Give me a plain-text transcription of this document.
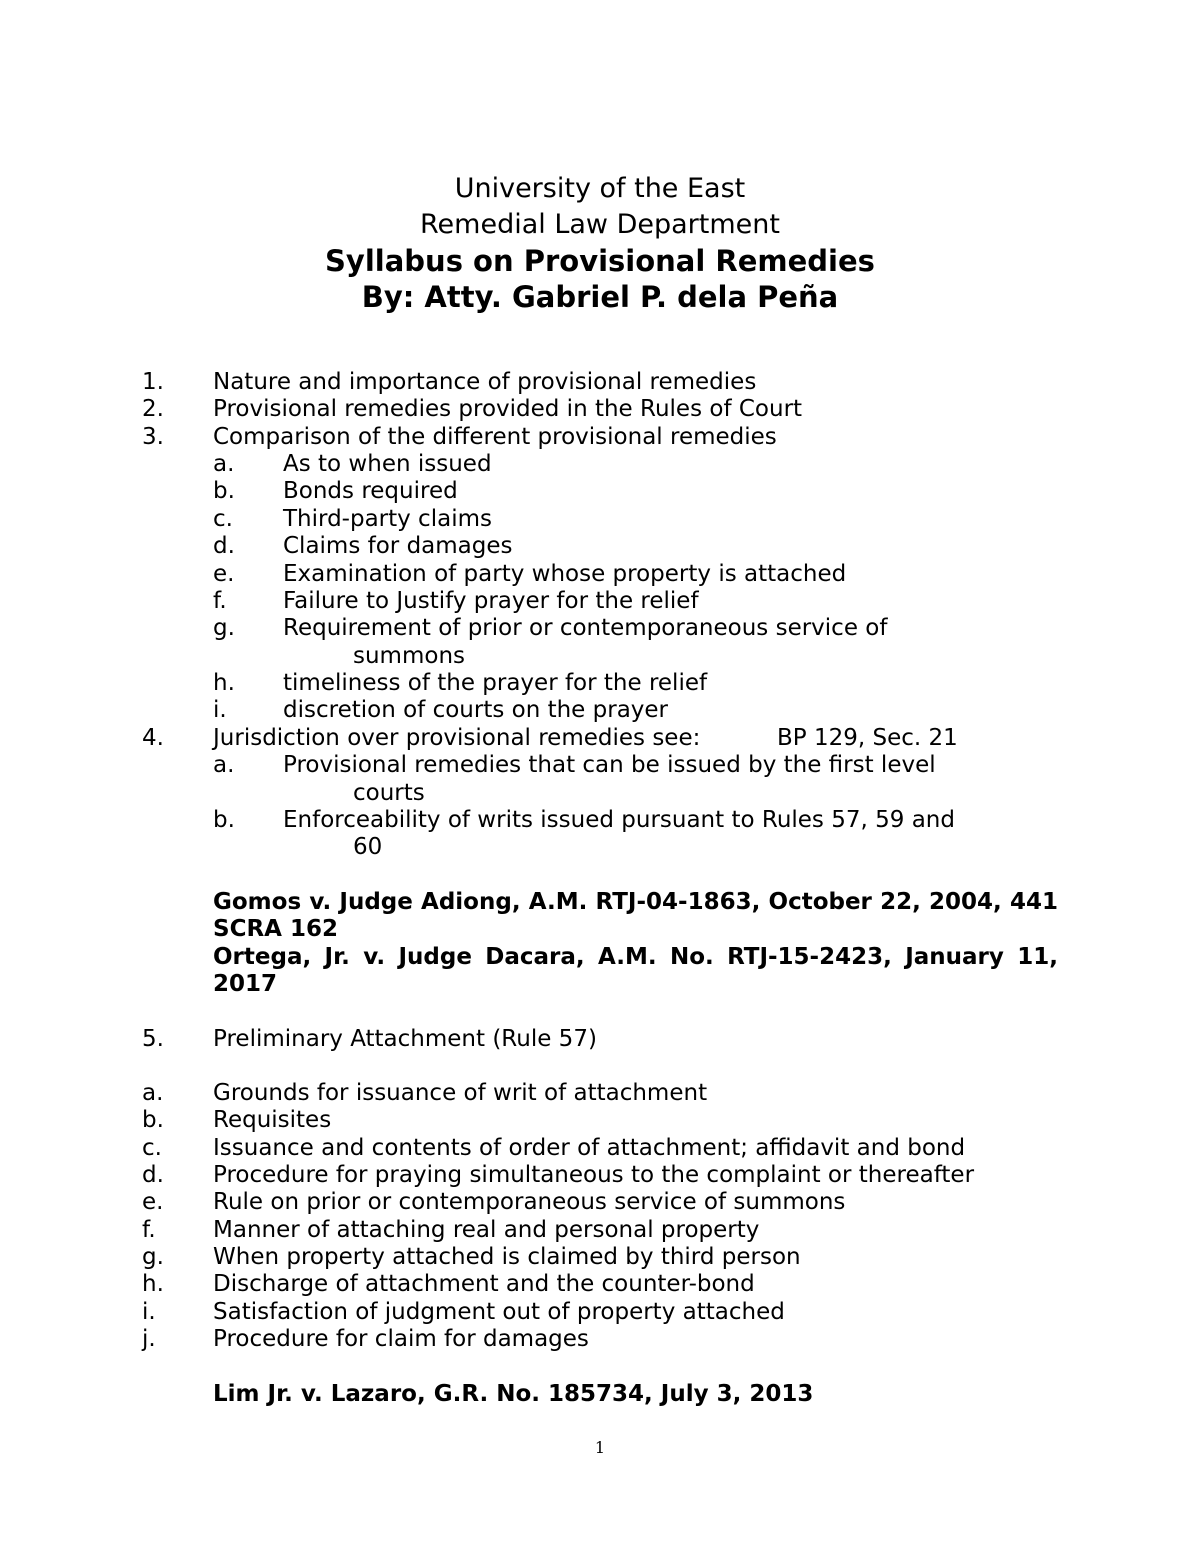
University of the East
Remedial Law Department
Syllabus on Provisional Remedies
By: Atty. Gabriel P. dela Peña
1. Nature and importance of provisional remedies
2. Provisional remedies provided in the Rules of Court
3. Comparison of the different provisional remedies
a. As to when issued
b. Bonds required
c. Third-party claims
d. Claims for damages
e. Examination of party whose property is attached
f. Failure to Justify prayer for the relief
g. Requirement of prior or contemporaneous service of
summons
h. timeliness of the prayer for the relief
i. discretion of courts on the prayer
4. Jurisdiction over provisional remedies see:	BP 129, Sec. 21
a. Provisional remedies that can be issued by the first level
courts
b. Enforceability of writs issued pursuant to Rules 57, 59 and
60
Gomos v. Judge Adiong, A.M. RTJ-04-1863, October 22, 2004, 441 SCRA 162
Ortega, Jr. v. Judge Dacara, A.M. No. RTJ-15-2423, January 11, 2017
5. Preliminary Attachment (Rule 57)
a. Grounds for issuance of writ of attachment
b. Requisites
c. Issuance and contents of order of attachment; affidavit and bond
d. Procedure for praying simultaneous to the complaint or thereafter
e. Rule on prior or contemporaneous service of summons
f. Manner of attaching real and personal property
g. When property attached is claimed by third person
h. Discharge of attachment and the counter-bond
i. Satisfaction of judgment out of property attached
j. Procedure for claim for damages
Lim Jr. v. Lazaro, G.R. No. 185734, July 3, 2013
1
